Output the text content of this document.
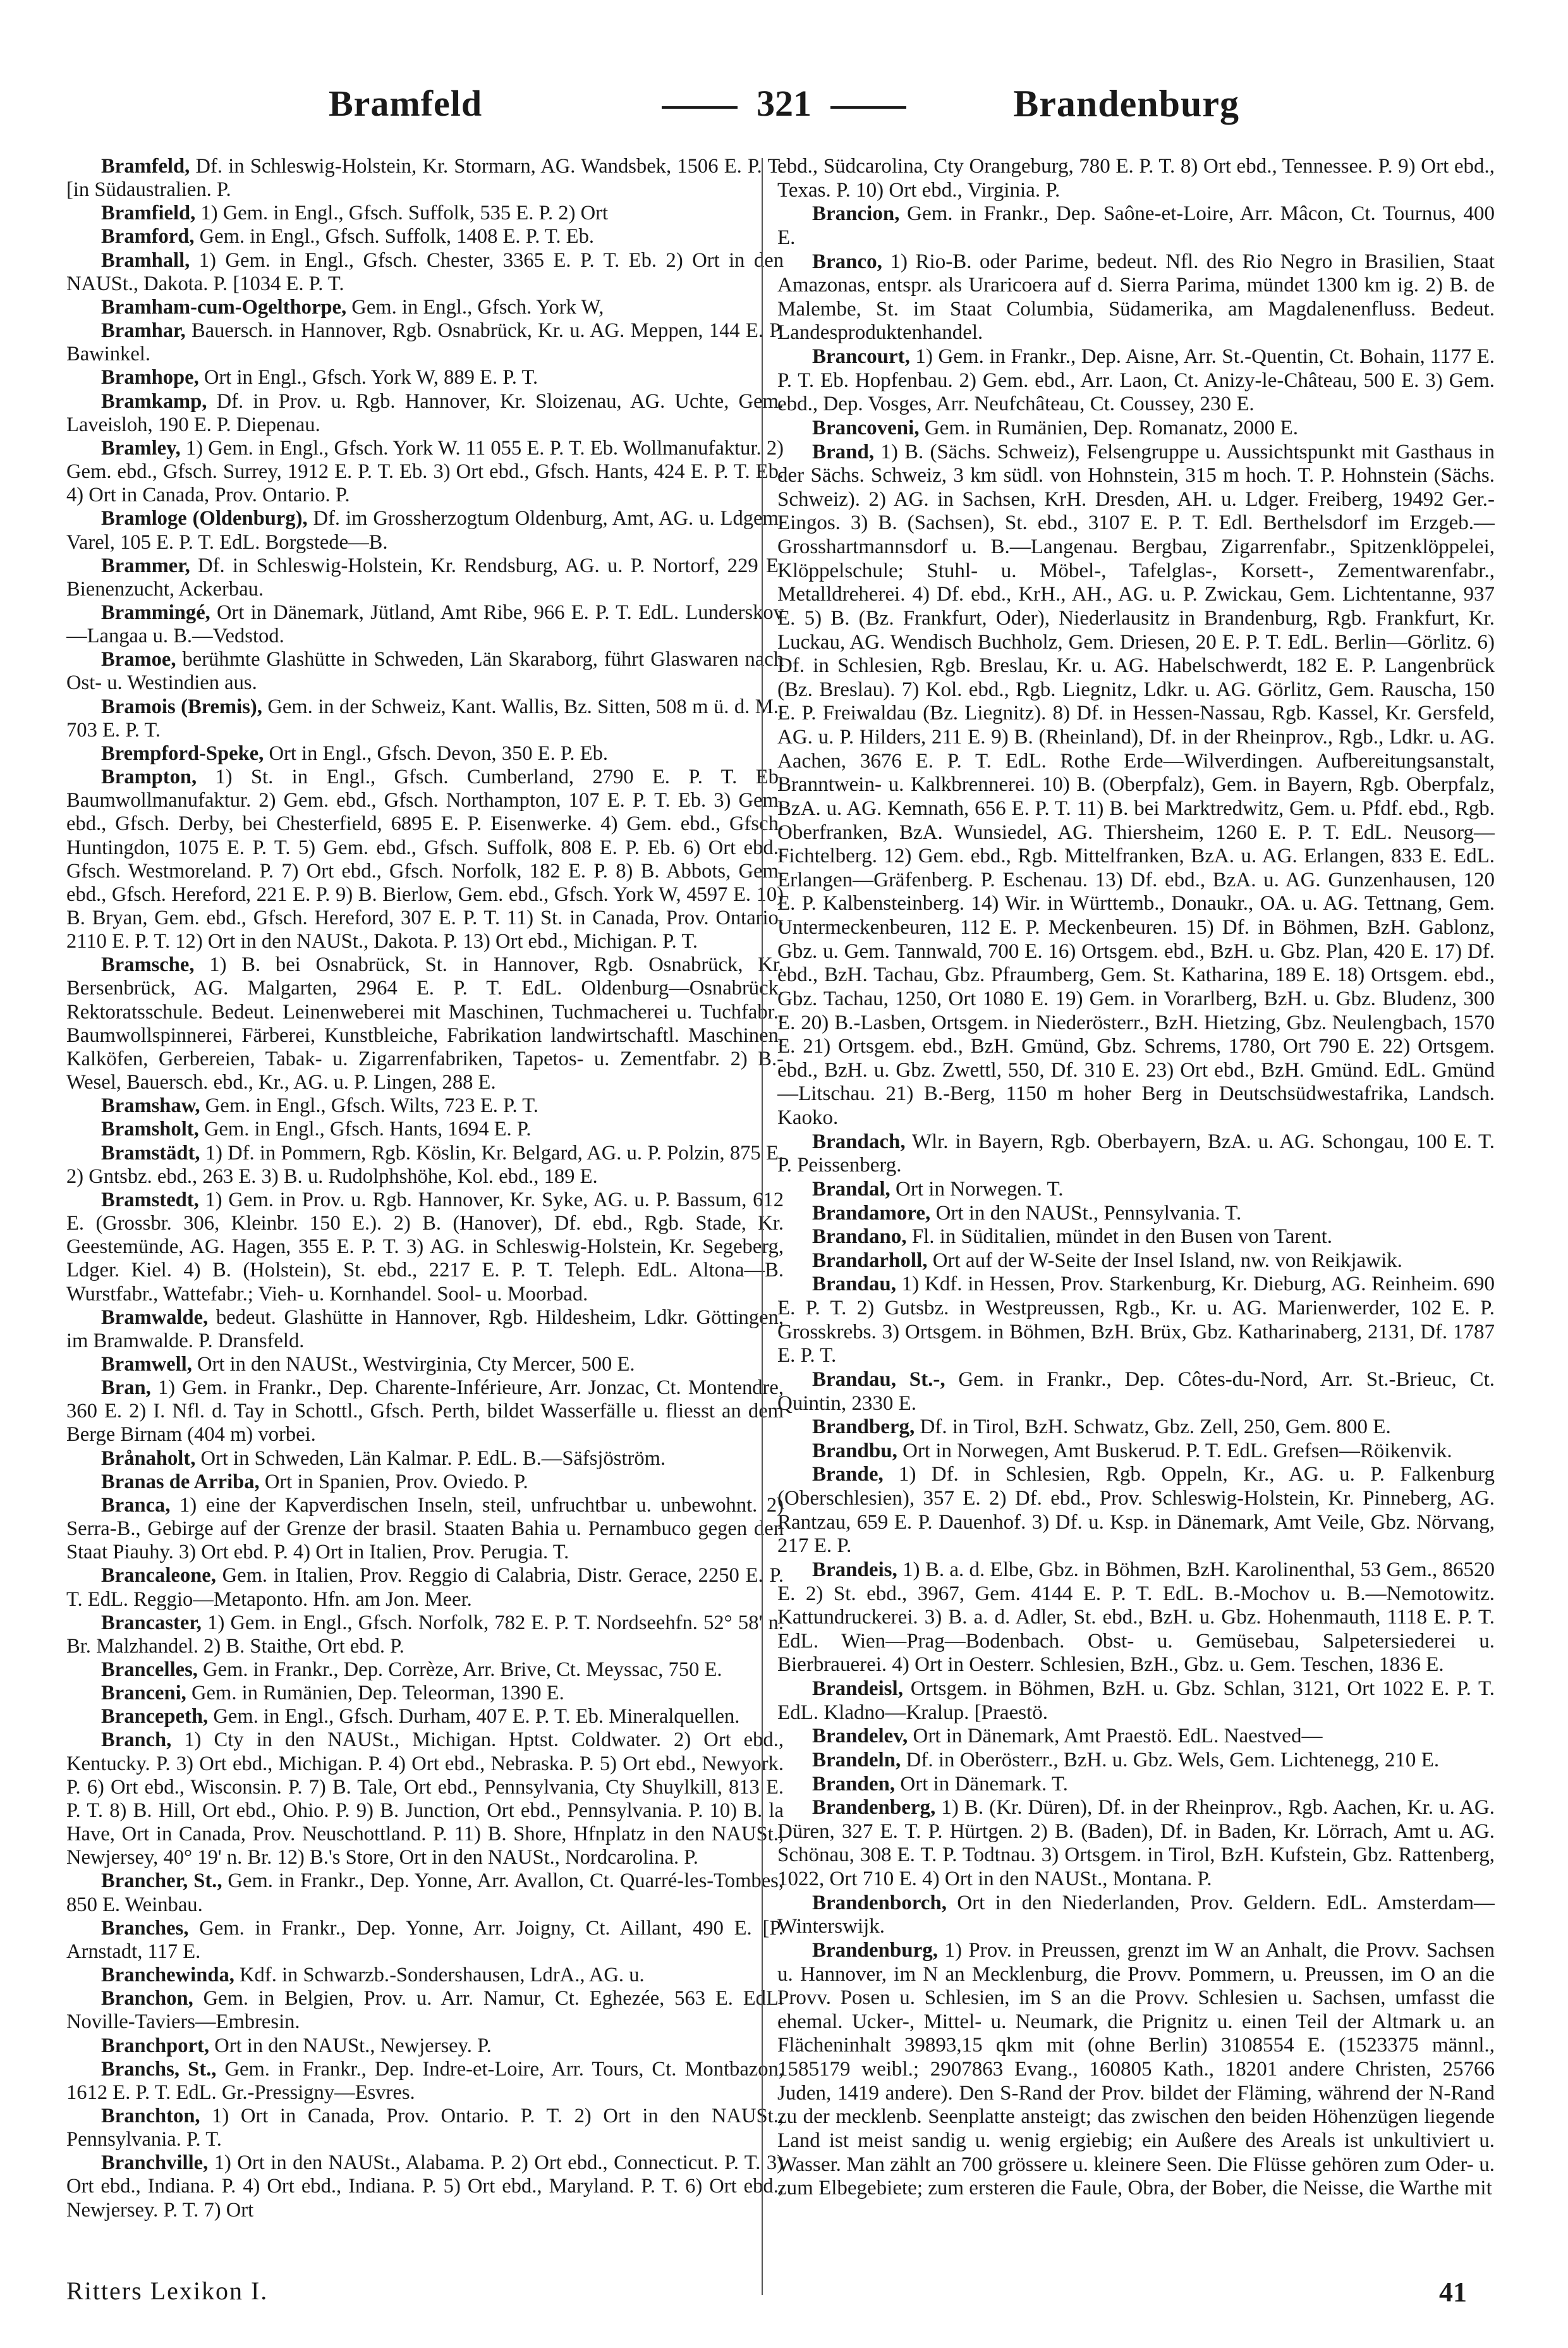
Bramfeld	321	Brandenburg

Bramfeld, Df. in Schleswig-Holstein, Kr. Stormarn, AG. Wandsbek, 1506 E. P. T. [in Südaustralien. P.

Bramfield, 1) Gem. in Engl., Gfsch. Suffolk, 535 E. P. 2) Ort

Bramford, Gem. in Engl., Gfsch. Suffolk, 1408 E. P. T. Eb.

Bramhall, 1) Gem. in Engl., Gfsch. Chester, 3365 E. P. T. Eb. 2) Ort in den NAUSt., Dakota. P. [1034 E. P. T.

Bramham-cum-Ogelthorpe, Gem. in Engl., Gfsch. York W,

Bramhar, Bauersch. in Hannover, Rgb. Osnabrück, Kr. u. AG. Meppen, 144 E. P. Bawinkel.

Bramhope, Ort in Engl., Gfsch. York W, 889 E. P. T.

Bramkamp, Df. in Prov. u. Rgb. Hannover, Kr. Sloizenau, AG. Uchte, Gem. Laveisloh, 190 E. P. Diepenau.

Bramley, 1) Gem. in Engl., Gfsch. York W. 11 055 E. P. T. Eb. Wollmanufaktur. 2) Gem. ebd., Gfsch. Surrey, 1912 E. P. T. Eb. 3) Ort ebd., Gfsch. Hants, 424 E. P. T. Eb. 4) Ort in Canada, Prov. Ontario. P.

Bramloge (Oldenburg), Df. im Grossherzogtum Oldenburg, Amt, AG. u. Ldgem. Varel, 105 E. P. T. EdL. Borgstede—B.

Brammer, Df. in Schleswig-Holstein, Kr. Rendsburg, AG. u. P. Nortorf, 229 E. Bienenzucht, Ackerbau.

Brammingé, Ort in Dänemark, Jütland, Amt Ribe, 966 E. P. T. EdL. Lunderskov—Langaa u. B.—Vedstod.

Bramoe, berühmte Glashütte in Schweden, Län Skaraborg, führt Glaswaren nach Ost- u. Westindien aus.

Bramois (Bremis), Gem. in der Schweiz, Kant. Wallis, Bz. Sitten, 508 m ü. d. M., 703 E. P. T.

Brempford-Speke, Ort in Engl., Gfsch. Devon, 350 E. P. Eb.

Brampton, 1) St. in Engl., Gfsch. Cumberland, 2790 E. P. T. Eb. Baumwollmanufaktur. 2) Gem. ebd., Gfsch. Northampton, 107 E. P. T. Eb. 3) Gem. ebd., Gfsch. Derby, bei Chesterfield, 6895 E. P. Eisenwerke. 4) Gem. ebd., Gfsch. Huntingdon, 1075 E. P. T. 5) Gem. ebd., Gfsch. Suffolk, 808 E. P. Eb. 6) Ort ebd., Gfsch. Westmoreland. P. 7) Ort ebd., Gfsch. Norfolk, 182 E. P. 8) B. Abbots, Gem. ebd., Gfsch. Hereford, 221 E. P. 9) B. Bierlow, Gem. ebd., Gfsch. York W, 4597 E. 10) B. Bryan, Gem. ebd., Gfsch. Hereford, 307 E. P. T. 11) St. in Canada, Prov. Ontario, 2110 E. P. T. 12) Ort in den NAUSt., Dakota. P. 13) Ort ebd., Michigan. P. T.

Bramsche, 1) B. bei Osnabrück, St. in Hannover, Rgb. Osnabrück, Kr. Bersenbrück, AG. Malgarten, 2964 E. P. T. EdL. Oldenburg—Osnabrück. Rektoratsschule. Bedeut. Leinenweberei mit Maschinen, Tuchmacherei u. Tuchfabr., Baumwollspinnerei, Färberei, Kunstbleiche, Fabrikation landwirtschaftl. Maschinen, Kalköfen, Gerbereien, Tabak- u. Zigarrenfabriken, Tapetos- u. Zementfabr. 2) B.-Wesel, Bauersch. ebd., Kr., AG. u. P. Lingen, 288 E.

Bramshaw, Gem. in Engl., Gfsch. Wilts, 723 E. P. T.

Bramsholt, Gem. in Engl., Gfsch. Hants, 1694 E. P.

Bramstädt, 1) Df. in Pommern, Rgb. Köslin, Kr. Belgard, AG. u. P. Polzin, 875 E. 2) Gntsbz. ebd., 263 E. 3) B. u. Rudolphshöhe, Kol. ebd., 189 E.

Bramstedt, 1) Gem. in Prov. u. Rgb. Hannover, Kr. Syke, AG. u. P. Bassum, 612 E. (Grossbr. 306, Kleinbr. 150 E.). 2) B. (Hanover), Df. ebd., Rgb. Stade, Kr. Geestemünde, AG. Hagen, 355 E. P. T. 3) AG. in Schleswig-Holstein, Kr. Segeberg, Ldger. Kiel. 4) B. (Holstein), St. ebd., 2217 E. P. T. Teleph. EdL. Altona—B. Wurstfabr., Wattefabr.; Vieh- u. Kornhandel. Sool- u. Moorbad.

Bramwalde, bedeut. Glashütte in Hannover, Rgb. Hildesheim, Ldkr. Göttingen, im Bramwalde. P. Dransfeld.

Bramwell, Ort in den NAUSt., Westvirginia, Cty Mercer, 500 E.

Bran, 1) Gem. in Frankr., Dep. Charente-Inférieure, Arr. Jonzac, Ct. Montendre, 360 E. 2) I. Nfl. d. Tay in Schottl., Gfsch. Perth, bildet Wasserfälle u. fliesst an dem Berge Birnam (404 m) vorbei.

Brånaholt, Ort in Schweden, Län Kalmar. P. EdL. B.—Säfsjöström.

Branas de Arriba, Ort in Spanien, Prov. Oviedo. P.

Branca, 1) eine der Kapverdischen Inseln, steil, unfruchtbar u. unbewohnt. 2) Serra-B., Gebirge auf der Grenze der brasil. Staaten Bahia u. Pernambuco gegen den Staat Piauhy. 3) Ort ebd. P. 4) Ort in Italien, Prov. Perugia. T.

Brancaleone, Gem. in Italien, Prov. Reggio di Calabria, Distr. Gerace, 2250 E. P. T. EdL. Reggio—Metaponto. Hfn. am Jon. Meer.

Brancaster, 1) Gem. in Engl., Gfsch. Norfolk, 782 E. P. T. Nordseehfn. 52° 58' n. Br. Malzhandel. 2) B. Staithe, Ort ebd. P.

Brancelles, Gem. in Frankr., Dep. Corrèze, Arr. Brive, Ct. Meyssac, 750 E.

Branceni, Gem. in Rumänien, Dep. Teleorman, 1390 E.

Brancepeth, Gem. in Engl., Gfsch. Durham, 407 E. P. T. Eb. Mineralquellen.

Branch, 1) Cty in den NAUSt., Michigan. Hptst. Coldwater. 2) Ort ebd., Kentucky. P. 3) Ort ebd., Michigan. P. 4) Ort ebd., Nebraska. P. 5) Ort ebd., Newyork. P. 6) Ort ebd., Wisconsin. P. 7) B. Tale, Ort ebd., Pennsylvania, Cty Shuylkill, 813 E. P. T. 8) B. Hill, Ort ebd., Ohio. P. 9) B. Junction, Ort ebd., Pennsylvania. P. 10) B. la Have, Ort in Canada, Prov. Neuschottland. P. 11) B. Shore, Hfnplatz in den NAUSt., Newjersey, 40° 19' n. Br. 12) B.'s Store, Ort in den NAUSt., Nordcarolina. P.

Brancher, St., Gem. in Frankr., Dep. Yonne, Arr. Avallon, Ct. Quarré-les-Tombes, 850 E. Weinbau.

Branches, Gem. in Frankr., Dep. Yonne, Arr. Joigny, Ct. Aillant, 490 E. [P. Arnstadt, 117 E.

Branchewinda, Kdf. in Schwarzb.-Sondershausen, LdrA., AG. u.

Branchon, Gem. in Belgien, Prov. u. Arr. Namur, Ct. Eghezée, 563 E. EdL. Noville-Taviers—Embresin.

Branchport, Ort in den NAUSt., Newjersey. P.

Branchs, St., Gem. in Frankr., Dep. Indre-et-Loire, Arr. Tours, Ct. Montbazon, 1612 E. P. T. EdL. Gr.-Pressigny—Esvres.

Branchton, 1) Ort in Canada, Prov. Ontario. P. T. 2) Ort in den NAUSt., Pennsylvania. P. T.

Branchville, 1) Ort in den NAUSt., Alabama. P. 2) Ort ebd., Connecticut. P. T. 3) Ort ebd., Indiana. P. 4) Ort ebd., Indiana. P. 5) Ort ebd., Maryland. P. T. 6) Ort ebd., Newjersey. P. T. 7) Ort

ebd., Südcarolina, Cty Orangeburg, 780 E. P. T. 8) Ort ebd., Tennessee. P. 9) Ort ebd., Texas. P. 10) Ort ebd., Virginia. P.

Brancion, Gem. in Frankr., Dep. Saône-et-Loire, Arr. Mâcon, Ct. Tournus, 400 E.

Branco, 1) Rio-B. oder Parime, bedeut. Nfl. des Rio Negro in Brasilien, Staat Amazonas, entspr. als Uraricoera auf d. Sierra Parima, mündet 1300 km ig. 2) B. de Malembe, St. im Staat Columbia, Südamerika, am Magdalenenfluss. Bedeut. Landesproduktenhandel.

Brancourt, 1) Gem. in Frankr., Dep. Aisne, Arr. St.-Quentin, Ct. Bohain, 1177 E. P. T. Eb. Hopfenbau. 2) Gem. ebd., Arr. Laon, Ct. Anizy-le-Château, 500 E. 3) Gem. ebd., Dep. Vosges, Arr. Neufchâteau, Ct. Coussey, 230 E.

Brancoveni, Gem. in Rumänien, Dep. Romanatz, 2000 E.

Brand, 1) B. (Sächs. Schweiz), Felsengruppe u. Aussichtspunkt mit Gasthaus in der Sächs. Schweiz, 3 km südl. von Hohnstein, 315 m hoch. T. P. Hohnstein (Sächs. Schweiz). 2) AG. in Sachsen, KrH. Dresden, AH. u. Ldger. Freiberg, 19492 Ger.-Eingos. 3) B. (Sachsen), St. ebd., 3107 E. P. T. Edl. Berthelsdorf im Erzgeb.—Grosshartmannsdorf u. B.—Langenau. Bergbau, Zigarrenfabr., Spitzenklöppelei, Klöppelschule; Stuhl- u. Möbel-, Tafelglas-, Korsett-, Zementwarenfabr., Metalldreherei. 4) Df. ebd., KrH., AH., AG. u. P. Zwickau, Gem. Lichtentanne, 937 E. 5) B. (Bz. Frankfurt, Oder), Niederlausitz in Brandenburg, Rgb. Frankfurt, Kr. Luckau, AG. Wendisch Buchholz, Gem. Driesen, 20 E. P. T. EdL. Berlin—Görlitz. 6) Df. in Schlesien, Rgb. Breslau, Kr. u. AG. Habelschwerdt, 182 E. P. Langenbrück (Bz. Breslau). 7) Kol. ebd., Rgb. Liegnitz, Ldkr. u. AG. Görlitz, Gem. Rauscha, 150 E. P. Freiwaldau (Bz. Liegnitz). 8) Df. in Hessen-Nassau, Rgb. Kassel, Kr. Gersfeld, AG. u. P. Hilders, 211 E. 9) B. (Rheinland), Df. in der Rheinprov., Rgb., Ldkr. u. AG. Aachen, 3676 E. P. T. EdL. Rothe Erde—Wilverdingen. Aufbereitungsanstalt, Branntwein- u. Kalkbrennerei. 10) B. (Oberpfalz), Gem. in Bayern, Rgb. Oberpfalz, BzA. u. AG. Kemnath, 656 E. P. T. 11) B. bei Marktredwitz, Gem. u. Pfdf. ebd., Rgb. Oberfranken, BzA. Wunsiedel, AG. Thiersheim, 1260 E. P. T. EdL. Neusorg—Fichtelberg. 12) Gem. ebd., Rgb. Mittelfranken, BzA. u. AG. Erlangen, 833 E. EdL. Erlangen—Gräfenberg. P. Eschenau. 13) Df. ebd., BzA. u. AG. Gunzenhausen, 120 E. P. Kalbensteinberg. 14) Wir. in Württemb., Donaukr., OA. u. AG. Tettnang, Gem. Untermeckenbeuren, 112 E. P. Meckenbeuren. 15) Df. in Böhmen, BzH. Gablonz, Gbz. u. Gem. Tannwald, 700 E. 16) Ortsgem. ebd., BzH. u. Gbz. Plan, 420 E. 17) Df. ebd., BzH. Tachau, Gbz. Pfraumberg, Gem. St. Katharina, 189 E. 18) Ortsgem. ebd., Gbz. Tachau, 1250, Ort 1080 E. 19) Gem. in Vorarlberg, BzH. u. Gbz. Bludenz, 300 E. 20) B.-Lasben, Ortsgem. in Niederösterr., BzH. Hietzing, Gbz. Neulengbach, 1570 E. 21) Ortsgem. ebd., BzH. Gmünd, Gbz. Schrems, 1780, Ort 790 E. 22) Ortsgem. ebd., BzH. u. Gbz. Zwettl, 550, Df. 310 E. 23) Ort ebd., BzH. Gmünd. EdL. Gmünd—Litschau. 21) B.-Berg, 1150 m hoher Berg in Deutschsüdwestafrika, Landsch. Kaoko.

Brandach, Wlr. in Bayern, Rgb. Oberbayern, BzA. u. AG. Schongau, 100 E. T. P. Peissenberg.

Brandal, Ort in Norwegen. T.

Brandamore, Ort in den NAUSt., Pennsylvania. T.

Brandano, Fl. in Süditalien, mündet in den Busen von Tarent.

Brandarholl, Ort auf der W-Seite der Insel Island, nw. von Reikjawik.

Brandau, 1) Kdf. in Hessen, Prov. Starkenburg, Kr. Dieburg, AG. Reinheim. 690 E. P. T. 2) Gutsbz. in Westpreussen, Rgb., Kr. u. AG. Marienwerder, 102 E. P. Grosskrebs. 3) Ortsgem. in Böhmen, BzH. Brüx, Gbz. Katharinaberg, 2131, Df. 1787 E. P. T.

Brandau, St.-, Gem. in Frankr., Dep. Côtes-du-Nord, Arr. St.-Brieuc, Ct. Quintin, 2330 E.

Brandberg, Df. in Tirol, BzH. Schwatz, Gbz. Zell, 250, Gem. 800 E.

Brandbu, Ort in Norwegen, Amt Buskerud. P. T. EdL. Grefsen—Röikenvik.

Brande, 1) Df. in Schlesien, Rgb. Oppeln, Kr., AG. u. P. Falkenburg (Oberschlesien), 357 E. 2) Df. ebd., Prov. Schleswig-Holstein, Kr. Pinneberg, AG. Rantzau, 659 E. P. Dauenhof. 3) Df. u. Ksp. in Dänemark, Amt Veile, Gbz. Nörvang, 217 E. P.

Brandeis, 1) B. a. d. Elbe, Gbz. in Böhmen, BzH. Karolinenthal, 53 Gem., 86520 E. 2) St. ebd., 3967, Gem. 4144 E. P. T. EdL. B.-Mochov u. B.—Nemotowitz. Kattundruckerei. 3) B. a. d. Adler, St. ebd., BzH. u. Gbz. Hohenmauth, 1118 E. P. T. EdL. Wien—Prag—Bodenbach. Obst- u. Gemüsebau, Salpetersiederei u. Bierbrauerei. 4) Ort in Oesterr. Schlesien, BzH., Gbz. u. Gem. Teschen, 1836 E.

Brandeisl, Ortsgem. in Böhmen, BzH. u. Gbz. Schlan, 3121, Ort 1022 E. P. T. EdL. Kladno—Kralup. [Praestö.

Brandelev, Ort in Dänemark, Amt Praestö. EdL. Naestved—

Brandeln, Df. in Oberösterr., BzH. u. Gbz. Wels, Gem. Lichtenegg, 210 E.

Branden, Ort in Dänemark. T.

Brandenberg, 1) B. (Kr. Düren), Df. in der Rheinprov., Rgb. Aachen, Kr. u. AG. Düren, 327 E. T. P. Hürtgen. 2) B. (Baden), Df. in Baden, Kr. Lörrach, Amt u. AG. Schönau, 308 E. T. P. Todtnau. 3) Ortsgem. in Tirol, BzH. Kufstein, Gbz. Rattenberg, 1022, Ort 710 E. 4) Ort in den NAUSt., Montana. P.

Brandenborch, Ort in den Niederlanden, Prov. Geldern. EdL. Amsterdam—Winterswijk.

Brandenburg, 1) Prov. in Preussen, grenzt im W an Anhalt, die Provv. Sachsen u. Hannover, im N an Mecklenburg, die Provv. Pommern, u. Preussen, im O an die Provv. Posen u. Schlesien, im S an die Provv. Schlesien u. Sachsen, umfasst die ehemal. Ucker-, Mittel- u. Neumark, die Prignitz u. einen Teil der Altmark u. an Flächeninhalt 39893,15 qkm mit (ohne Berlin) 3108554 E. (1523375 männl., 1585179 weibl.; 2907863 Evang., 160805 Kath., 18201 andere Christen, 25766 Juden, 1419 andere). Den S-Rand der Prov. bildet der Fläming, während der N-Rand zu der mecklenb. Seenplatte ansteigt; das zwischen den beiden Höhenzügen liegende Land ist meist sandig u. wenig ergiebig; ein Außere des Areals ist unkultiviert u. Wasser. Man zählt an 700 grössere u. kleinere Seen. Die Flüsse gehören zum Oder- u. zum Elbegebiete; zum ersteren die Faule, Obra, der Bober, die Neisse, die Warthe mit

Ritters Lexikon I.	41
